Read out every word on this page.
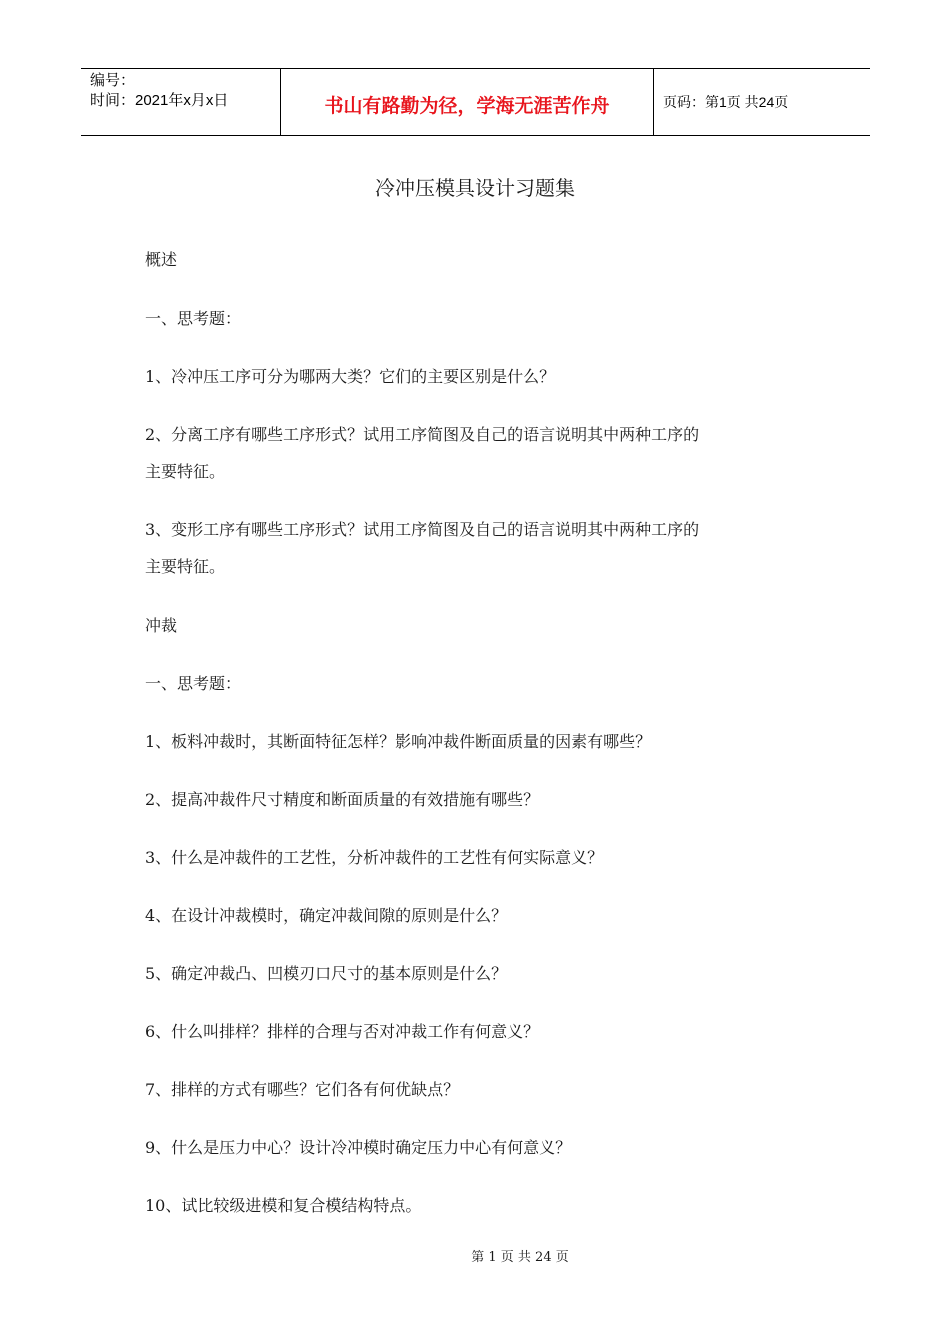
编号：
时间：2021年x月x日	书山有路勤为径，学海无涯苦作舟	页码：第1页 共24页
冷冲压模具设计习题集
概述
一、思考题：
1、冷冲压工序可分为哪两大类？它们的主要区别是什么？
2、分离工序有哪些工序形式？试用工序简图及自己的语言说明其中两种工序的
主要特征。
3、变形工序有哪些工序形式？试用工序简图及自己的语言说明其中两种工序的
主要特征。
冲裁
一、思考题：
1、板料冲裁时，其断面特征怎样？影响冲裁件断面质量的因素有哪些？
2、提高冲裁件尺寸精度和断面质量的有效措施有哪些？
3、什么是冲裁件的工艺性，分析冲裁件的工艺性有何实际意义？
4、在设计冲裁模时，确定冲裁间隙的原则是什么？
5、确定冲裁凸、凹模刃口尺寸的基本原则是什么？
6、什么叫排样？排样的合理与否对冲裁工作有何意义？
7、排样的方式有哪些？它们各有何优缺点？
9、什么是压力中心？设计冷冲模时确定压力中心有何意义？
10、试比较级进模和复合模结构特点。
第 1 页 共 24 页
